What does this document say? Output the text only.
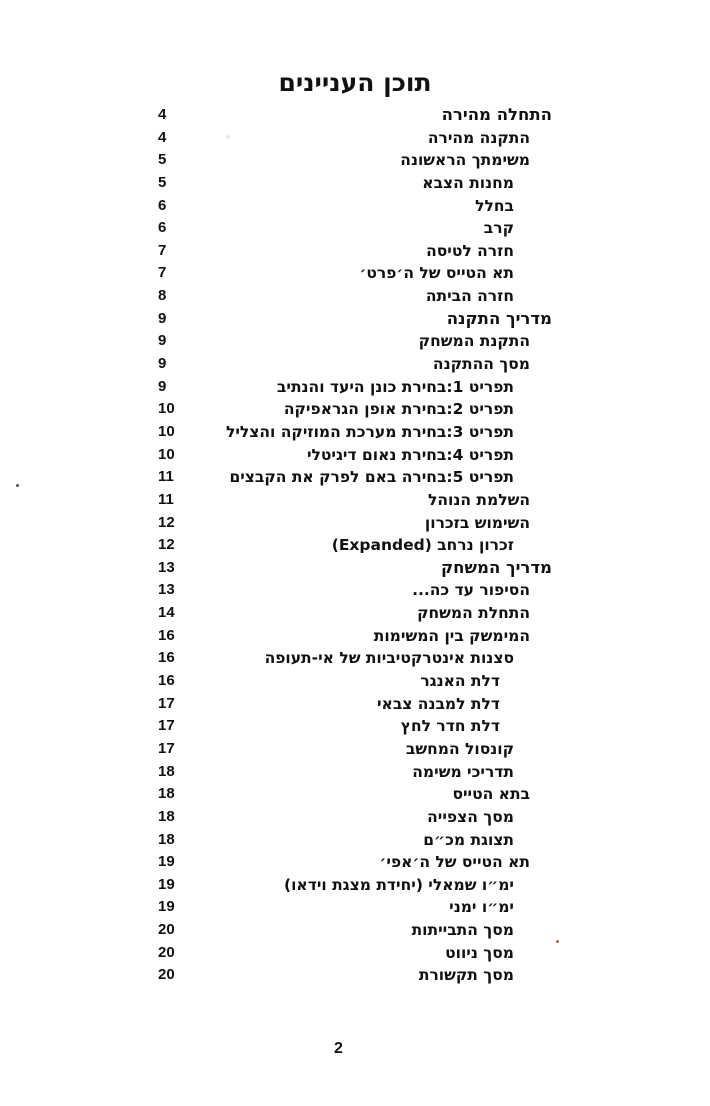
ּ
תוכן העניינים
התחלה מהירה
4
התקנה מהירה
4
משימתך הראשונה
5
מחנות הצבא
5
בחלל
6
קרב
6
חזרה לטיסה
7
תא הטייס של ה׳פרט׳
7
חזרה הביתה
8
מדריך התקנה
9
התקנת המשחק
9
מסך ההתקנה
9
תפריט 1:בחירת כונן היעד והנתיב
9
תפריט 2:בחירת אופן הגראפיקה
10
תפריט 3:בחירת מערכת המוזיקה והצליל
10
תפריט 4:בחירת נאום דיגיטלי
10
תפריט 5:בחירה באם לפרק את הקבצים
11
השלמת הנוהל
11
השימוש בזכרון
12
זכרון נרחב (Expanded)
12
מדריך המשחק
13
הסיפור עד כה...
13
התחלת המשחק
14
המימשק בין המשימות
16
סצנות אינטרקטיביות של אי-תעופה
16
דלת האנגר
16
דלת למבנה צבאי
17
דלת חדר לחץ
17
קונסול המחשב
17
תדריכי משימה
18
בתא הטייס
18
מסך הצפייה
18
תצוגת מכ״ם
18
תא הטייס של ה׳אפי׳
19
ימ״ו שמאלי (יחידת מצגת וידאו)
19
ימ״ו ימני
19
מסך התבייתות
20
מסך ניווט
20
מסך תקשורת
20
2
